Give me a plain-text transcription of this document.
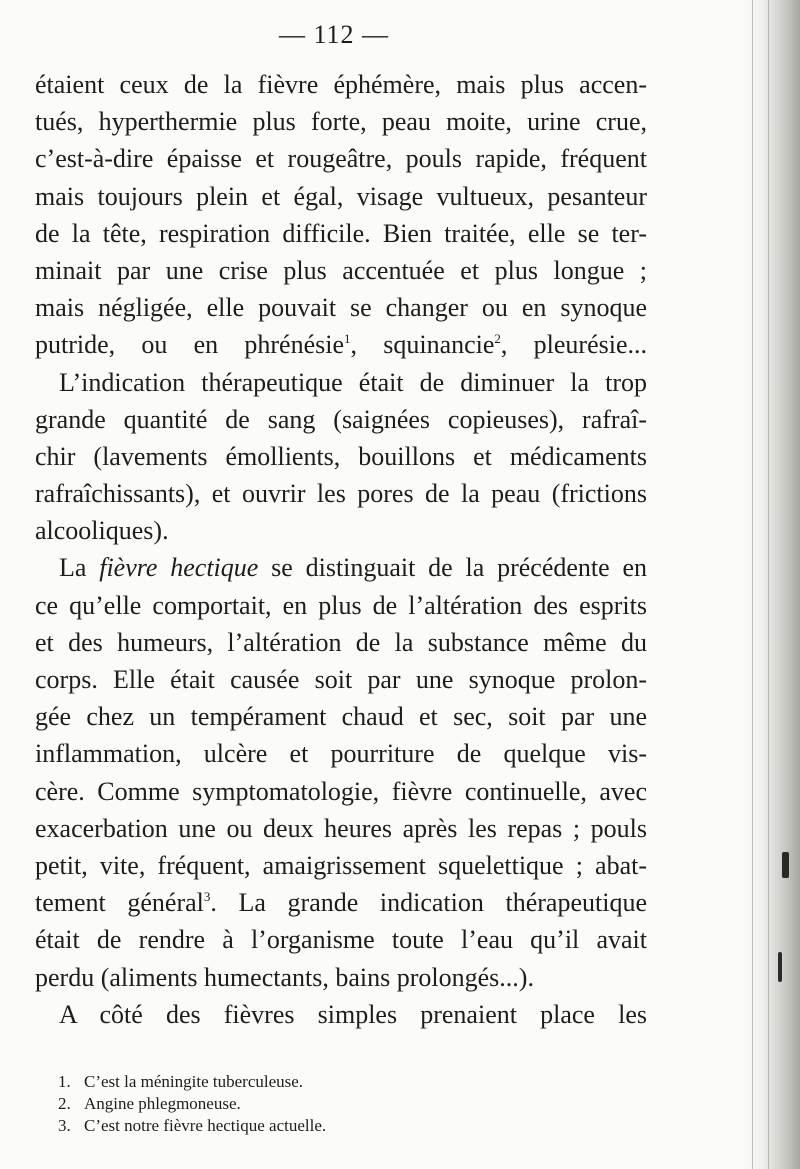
— 112 —
étaient ceux de la fièvre éphémère, mais plus accen-
tués, hyperthermie plus forte, peau moite, urine crue,
c’est-à-dire épaisse et rougeâtre, pouls rapide, fréquent
mais toujours plein et égal, visage vultueux, pesanteur
de la tête, respiration difficile. Bien traitée, elle se ter-
minait par une crise plus accentuée et plus longue ;
mais négligée, elle pouvait se changer ou en synoque
putride, ou en phrénésie$^1$, squinancie$^2$, pleurésie...
L’indication thérapeutique était de diminuer la trop
grande quantité de sang (saignées copieuses), rafraî-
chir (lavements émollients, bouillons et médicaments
rafraîchissants), et ouvrir les pores de la peau (frictions
alcooliques).
La fièvre hectique se distinguait de la précédente en
ce qu’elle comportait, en plus de l’altération des esprits
et des humeurs, l’altération de la substance même du
corps. Elle était causée soit par une synoque prolon-
gée chez un tempérament chaud et sec, soit par une
inflammation, ulcère et pourriture de quelque vis-
cère. Comme symptomatologie, fièvre continuelle, avec
exacerbation une ou deux heures après les repas ; pouls
petit, vite, fréquent, amaigrissement squelettique ; abat-
tement général$^3$. La grande indication thérapeutique
était de rendre à l’organisme toute l’eau qu’il avait
perdu (aliments humectants, bains prolongés...).
A côté des fièvres simples prenaient place les
1. C’est la méningite tuberculeuse.
2. Angine phlegmoneuse.
3. C’est notre fièvre hectique actuelle.
